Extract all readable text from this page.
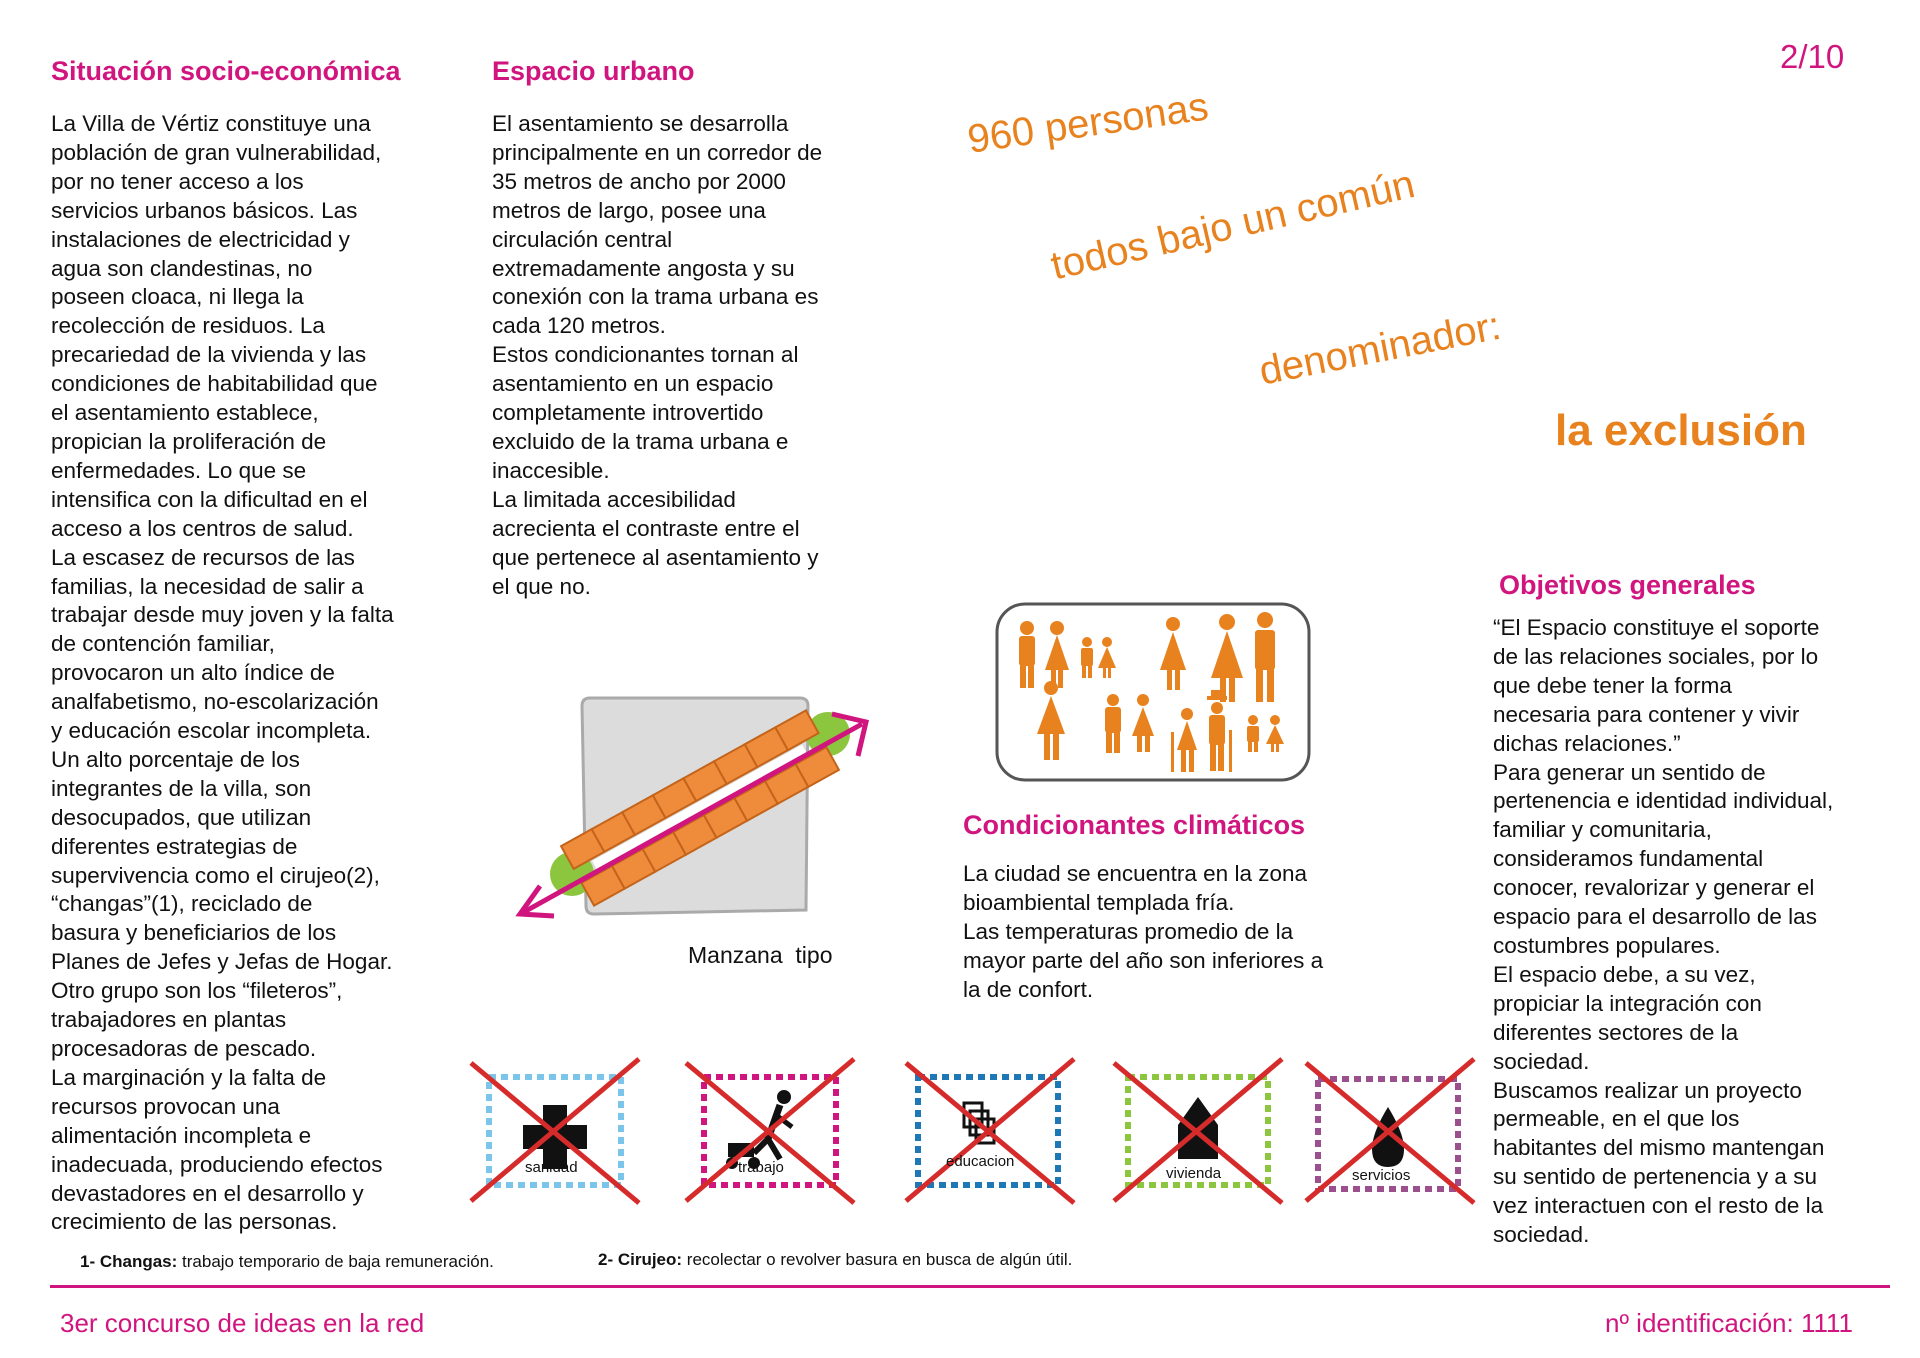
2/10
Situación socio-económica
La Villa de Vértiz constituye una
población de gran vulnerabilidad,
por no tener acceso a los
servicios urbanos básicos. Las
instalaciones de electricidad y
agua son clandestinas, no
poseen cloaca, ni llega la
recolección de residuos. La
precariedad de la vivienda y las
condiciones de habitabilidad que
el asentamiento establece,
propician la proliferación de
enfermedades. Lo que se
intensifica con la dificultad en el
acceso a los centros de salud.
La escasez de recursos de las
familias, la necesidad de salir a
trabajar desde muy joven y la falta
de contención familiar,
provocaron un alto índice de
analfabetismo, no-escolarización
y educación escolar incompleta.
Un alto porcentaje de los
integrantes de la villa, son
desocupados, que utilizan
diferentes estrategias de
supervivencia como el cirujeo(2),
“changas”(1), reciclado de
basura y beneficiarios de los
Planes de Jefes y Jefas de Hogar.
Otro grupo son los “fileteros”,
trabajadores en plantas
procesadoras de pescado.
La marginación y la falta de
recursos provocan una
alimentación incompleta e
inadecuada, produciendo efectos
devastadores en el desarrollo y
crecimiento de las personas.
Espacio urbano
El asentamiento se desarrolla
principalmente en un corredor de
35 metros de ancho por 2000
metros de largo, posee una
circulación central
extremadamente angosta y su
conexión con la trama urbana es
cada 120 metros.
Estos condicionantes tornan al
asentamiento en un espacio
completamente introvertido
excluido de la trama urbana e
inaccesible.
La limitada accesibilidad
acrecienta el contraste entre el
que pertenece al asentamiento y
el que no.
960 personas
todos bajo un común
denominador:
la exclusión
Manzana  tipo
Condicionantes climáticos
La ciudad se encuentra en la zona
bioambiental templada fría.
Las temperaturas promedio de la
mayor parte del año son inferiores a
la de confort.
Objetivos generales
“El Espacio constituye el soporte
de las relaciones sociales, por lo
que debe tener la forma
necesaria para contener y vivir
dichas relaciones.”
Para generar un sentido de
pertenencia e identidad individual,
familiar y comunitaria,
consideramos fundamental
conocer, revalorizar y generar el
espacio para el desarrollo de las
costumbres populares.
El espacio debe, a su vez,
propiciar la integración con
diferentes sectores de la
sociedad.
Buscamos realizar un proyecto
permeable, en el que los
habitantes del mismo mantengan
su sentido de pertenencia y a su
vez interactuen con el resto de la
sociedad.
sanidad	trabajo	educacion
vivienda	servicios
1- Changas: trabajo temporario de baja remuneración.	2- Cirujeo: recolectar o revolver basura en busca de algún útil.
3er concurso de ideas en la red	nº identificación: 1111
